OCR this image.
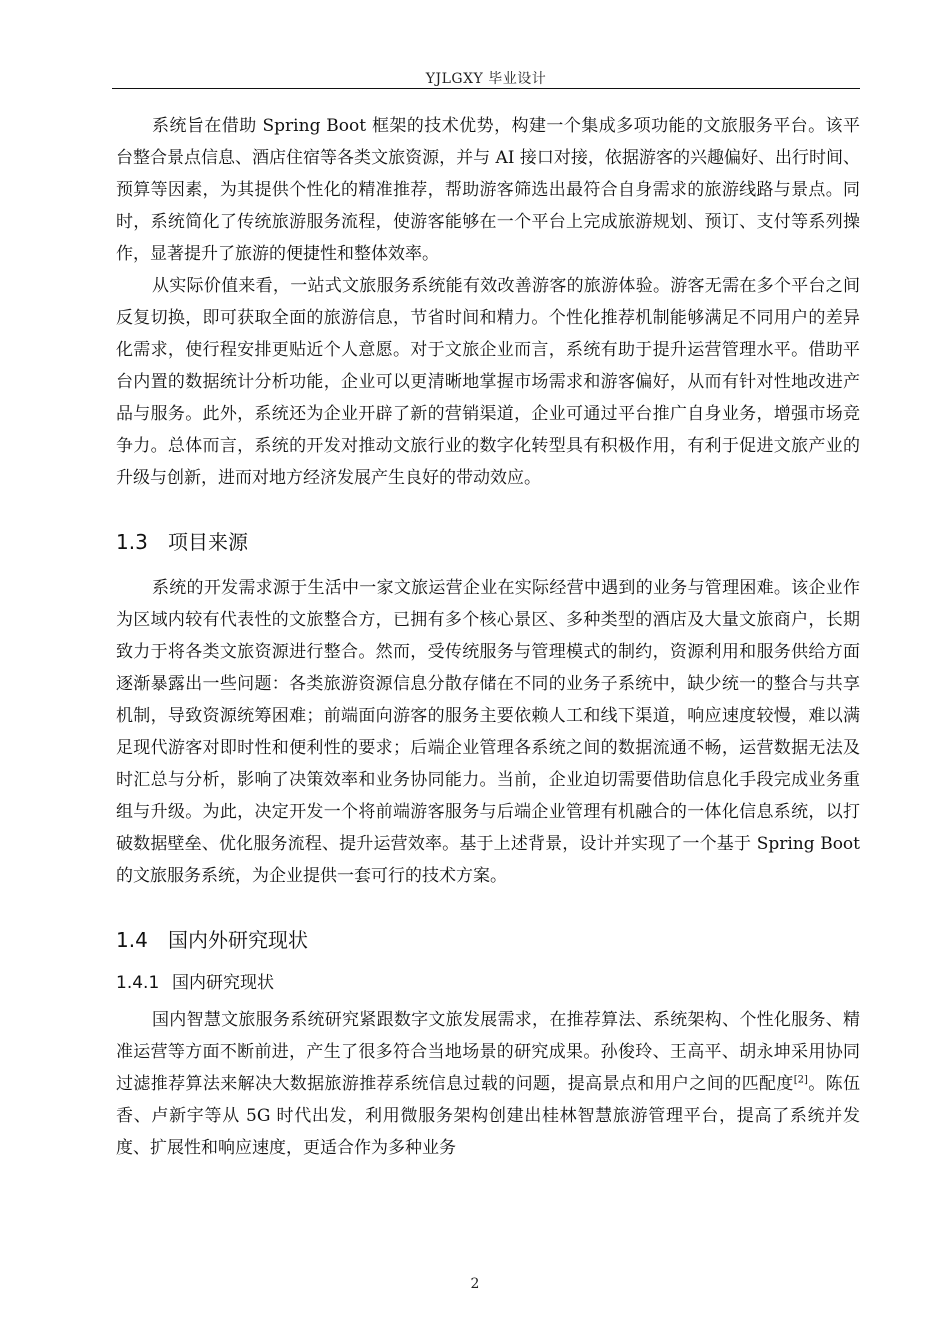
YJLGXY 毕业设计

系统旨在借助 Spring Boot 框架的技术优势，构建一个集成多项功能的文旅服务平台。该平台整合景点信息、酒店住宿等各类文旅资源，并与 AI 接口对接，依据游客的兴趣偏好、出行时间、预算等因素，为其提供个性化的精准推荐，帮助游客筛选出最符合自身需求的旅游线路与景点。同时，系统简化了传统旅游服务流程，使游客能够在一个平台上完成旅游规划、预订、支付等系列操作，显著提升了旅游的便捷性和整体效率。

从实际价值来看，一站式文旅服务系统能有效改善游客的旅游体验。游客无需在多个平台之间反复切换，即可获取全面的旅游信息，节省时间和精力。个性化推荐机制能够满足不同用户的差异化需求，使行程安排更贴近个人意愿。对于文旅企业而言，系统有助于提升运营管理水平。借助平台内置的数据统计分析功能，企业可以更清晰地掌握市场需求和游客偏好，从而有针对性地改进产品与服务。此外，系统还为企业开辟了新的营销渠道，企业可通过平台推广自身业务，增强市场竞争力。总体而言，系统的开发对推动文旅行业的数字化转型具有积极作用，有利于促进文旅产业的升级与创新，进而对地方经济发展产生良好的带动效应。

1.3 项目来源

系统的开发需求源于生活中一家文旅运营企业在实际经营中遇到的业务与管理困难。该企业作为区域内较有代表性的文旅整合方，已拥有多个核心景区、多种类型的酒店及大量文旅商户，长期致力于将各类文旅资源进行整合。然而，受传统服务与管理模式的制约，资源利用和服务供给方面逐渐暴露出一些问题：各类旅游资源信息分散存储在不同的业务子系统中，缺少统一的整合与共享机制，导致资源统筹困难；前端面向游客的服务主要依赖人工和线下渠道，响应速度较慢，难以满足现代游客对即时性和便利性的要求；后端企业管理各系统之间的数据流通不畅，运营数据无法及时汇总与分析，影响了决策效率和业务协同能力。当前，企业迫切需要借助信息化手段完成业务重组与升级。为此，决定开发一个将前端游客服务与后端企业管理有机融合的一体化信息系统，以打破数据壁垒、优化服务流程、提升运营效率。基于上述背景，设计并实现了一个基于 Spring Boot 的文旅服务系统，为企业提供一套可行的技术方案。

1.4 国内外研究现状
1.4.1 国内研究现状

国内智慧文旅服务系统研究紧跟数字文旅发展需求，在推荐算法、系统架构、个性化服务、精准运营等方面不断前进，产生了很多符合当地场景的研究成果。孙俊玲、王高平、胡永坤采用协同过滤推荐算法来解决大数据旅游推荐系统信息过载的问题，提高景点和用户之间的匹配度[2]。陈伍香、卢新宇等从 5G 时代出发，利用微服务架构创建出桂林智慧旅游管理平台，提高了系统并发度、扩展性和响应速度，更适合作为多种业务

2
